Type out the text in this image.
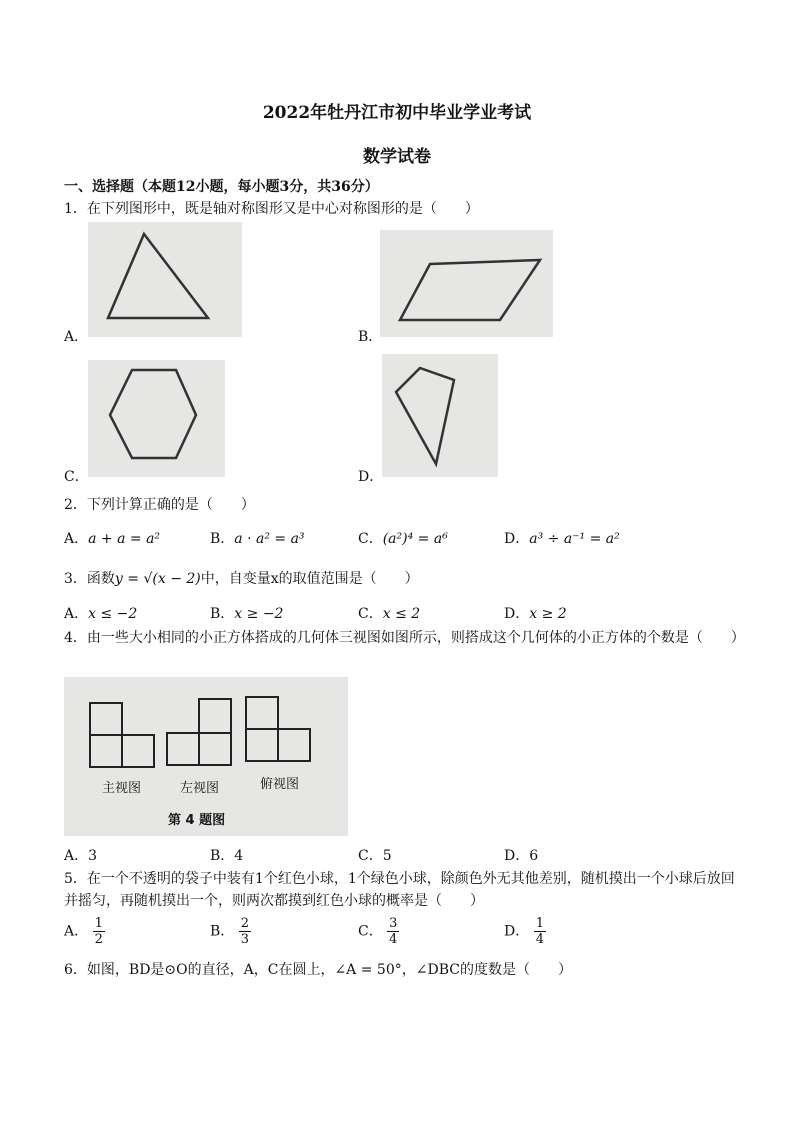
2022年牡丹江市初中毕业学业考试
数学试卷
一、选择题（本题12小题，每小题3分，共36分）
1．在下列图形中，既是轴对称图形又是中心对称图形的是（　　）
A．	B．
C．	D．
2．下列计算正确的是（　　）
A．a + a = a²	B．a · a² = a³	C．(a²)⁴ = a⁶	D．a³ ÷ a⁻¹ = a²
3．函数y = √(x − 2)中，自变量x的取值范围是（　　）
A．x ≤ −2	B．x ≥ −2	C．x ≤ 2	D．x ≥ 2
4．由一些大小相同的小正方体搭成的几何体三视图如图所示，则搭成这个几何体的小正方体的个数是（　　）
主视图	左视图	俯视图
第 4 题图
A．3	B．4	C．5	D．6
5．在一个不透明的袋子中装有1个红色小球，1个绿色小球，除颜色外无其他差别，随机摸出一个小球后放回并摇匀，再随机摸出一个，则两次都摸到红色小球的概率是（　　）
A． $\frac{1}{2}$	B． $\frac{2}{3}$	C． $\frac{3}{4}$	D． $\frac{1}{4}$
6．如图，BD是⊙O的直径，A，C在圆上，∠A = 50°，∠DBC的度数是（　　）
